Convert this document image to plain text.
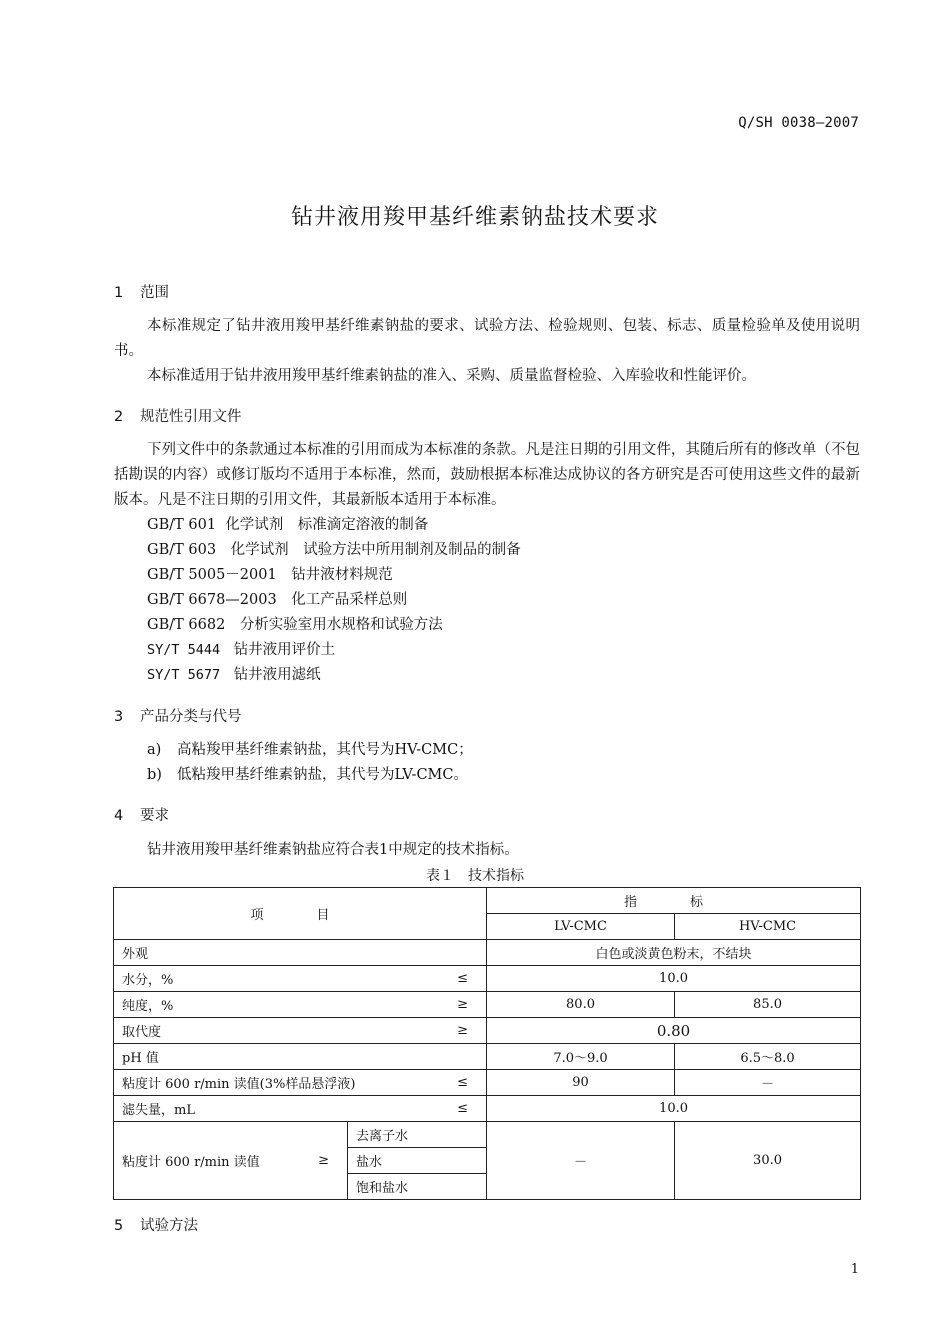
Q/SH 0038—2007
钻井液用羧甲基纤维素钠盐技术要求
1 范围
本标准规定了钻井液用羧甲基纤维素钠盐的要求、试验方法、检验规则、包装、标志、质量检验单及使用说明书。
本标准适用于钻井液用羧甲基纤维素钠盐的准入、采购、质量监督检验、入库验收和性能评价。
2 规范性引用文件
下列文件中的条款通过本标准的引用而成为本标准的条款。凡是注日期的引用文件，其随后所有的修改单（不包括勘误的内容）或修订版均不适用于本标准，然而，鼓励根据本标准达成协议的各方研究是否可使用这些文件的最新版本。凡是不注日期的引用文件，其最新版本适用于本标准。
GB/T 601 化学试剂　标准滴定溶液的制备
GB/T 603　 化学试剂　试验方法中所用制剂及制品的制备
GB/T 5005－2001　 钻井液材料规范
GB/T 6678—2003　 化工产品采样总则
GB/T 6682　 分析实验室用水规格和试验方法
SY/T 5444　 钻井液用评价土
SY/T 5677　 钻井液用滤纸
3 产品分类与代号
a) 高粘羧甲基纤维素钠盐，其代号为HV-CMC；
b) 低粘羧甲基纤维素钠盐，其代号为LV-CMC。
4 要求
钻井液用羧甲基纤维素钠盐应符合表1中规定的技术指标。
表１　技术指标
项　目		指　标	
		LV-CMC	HV-CMC
外观		白色或淡黄色粉末，不结块	

水分，% ≤		10.0	

纯度，% ≥		80.0	85.0

取代度 ≥		0.80	
pH 值		7.0～9.0	6.5～8.0

粘度计 600 r/min 读值(3%样品悬浮液) ≤		90	－

滤失量，mL ≤		10.0	

粘度计 600 r/min 读值 ≥	去离子水	－	30.0
	盐水		
	饱和盐水		
5 试验方法
1
